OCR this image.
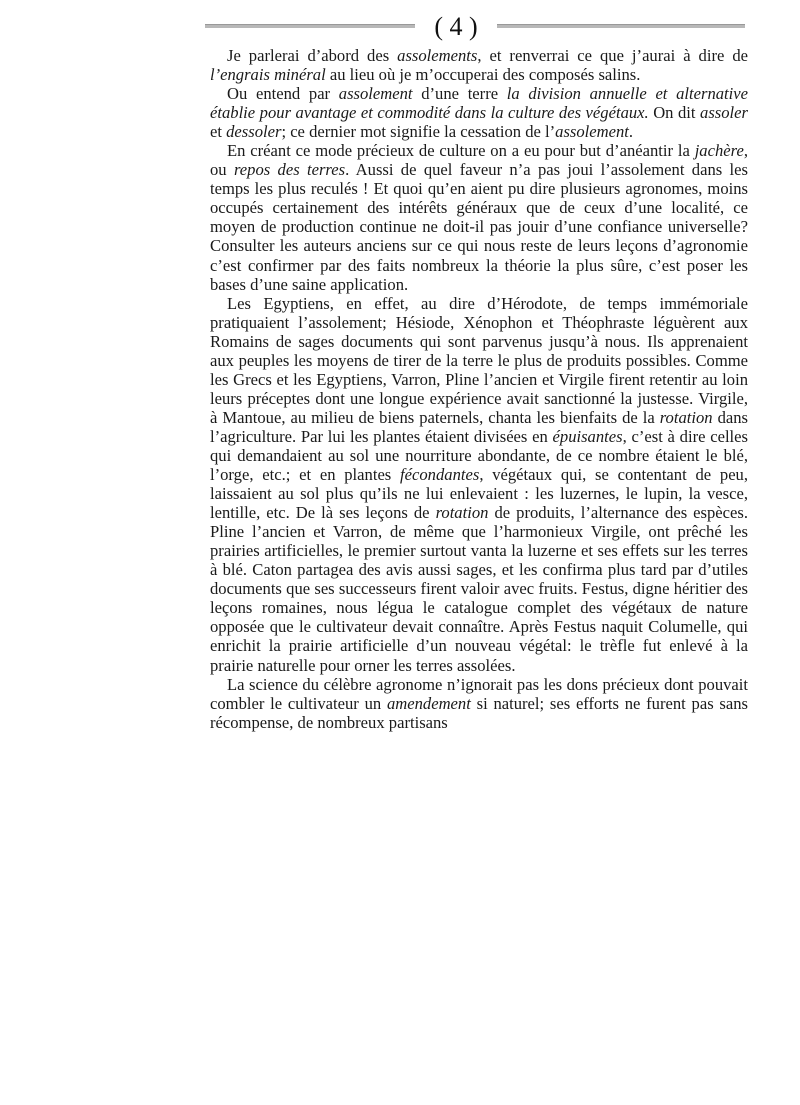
( 4 )

Je parlerai d’abord des assolements, et renverrai ce que j’aurai à dire de l’engrais minéral au lieu où je m’occuperai des composés salins.

Ou entend par assolement d’une terre la division annuelle et alternative établie pour avantage et commodité dans la culture des végétaux. On dit assoler et dessoler; ce dernier mot signifie la cessation de l’assolement.

En créant ce mode précieux de culture on a eu pour but d’anéantir la jachère, ou repos des terres. Aussi de quel faveur n’a pas joui l’assolement dans les temps les plus reculés ! Et quoi qu’en aient pu dire plusieurs agronomes, moins occupés certainement des intérêts généraux que de ceux d’une localité, ce moyen de production continue ne doit-il pas jouir d’une confiance universelle? Consulter les auteurs anciens sur ce qui nous reste de leurs leçons d’agronomie c’est confirmer par des faits nombreux la théorie la plus sûre, c’est poser les bases d’une saine application.

Les Egyptiens, en effet, au dire d’Hérodote, de temps immémoriale pratiquaient l’assolement; Hésiode, Xénophon et Théophraste léguèrent aux Romains de sages documents qui sont parvenus jusqu’à nous. Ils apprenaient aux peuples les moyens de tirer de la terre le plus de produits possibles. Comme les Grecs et les Egyptiens, Varron, Pline l’ancien et Virgile firent retentir au loin leurs préceptes dont une longue expérience avait sanctionné la justesse. Virgile, à Mantoue, au milieu de biens paternels, chanta les bienfaits de la rotation dans l’agriculture. Par lui les plantes étaient divisées en épuisantes, c’est à dire celles qui demandaient au sol une nourriture abondante, de ce nombre étaient le blé, l’orge, etc.; et en plantes fécondantes, végétaux qui, se contentant de peu, laissaient au sol plus qu’ils ne lui enlevaient : les luzernes, le lupin, la vesce, lentille, etc. De là ses leçons de rotation de produits, l’alternance des espèces. Pline l’ancien et Varron, de même que l’harmonieux Virgile, ont prêché les prairies artificielles, le premier surtout vanta la luzerne et ses effets sur les terres à blé. Caton partagea des avis aussi sages, et les confirma plus tard par d’utiles documents que ses successeurs firent valoir avec fruits. Festus, digne héritier des leçons romaines, nous légua le catalogue complet des végétaux de nature opposée que le cultivateur devait connaître. Après Festus naquit Columelle, qui enrichit la prairie artificielle d’un nouveau végétal: le trèfle fut enlevé à la prairie naturelle pour orner les terres assolées.

La science du célèbre agronome n’ignorait pas les dons précieux dont pouvait combler le cultivateur un amendement si naturel; ses efforts ne furent pas sans récompense, de nombreux partisans
